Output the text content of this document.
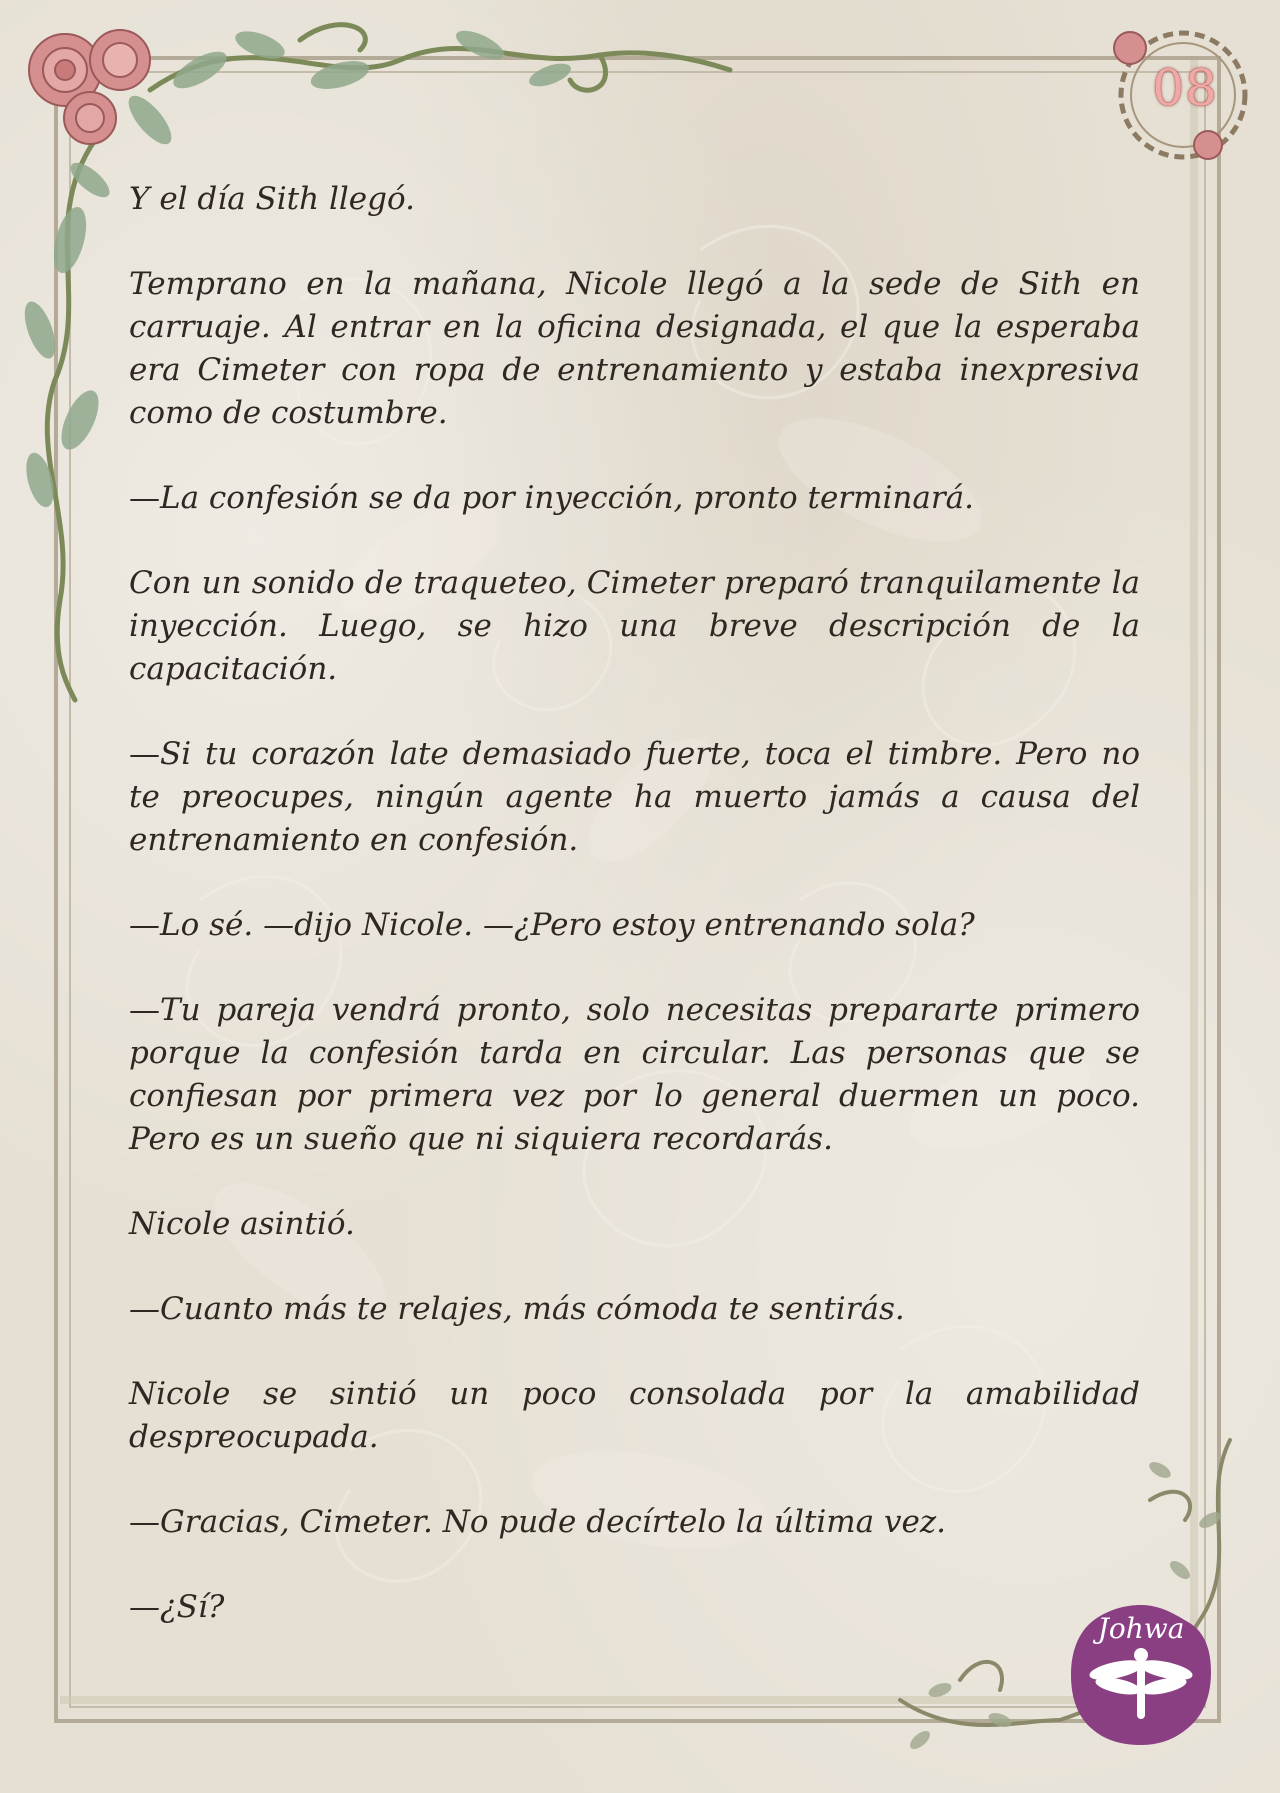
08
Johwa

Y el día Sith llegó.

Temprano en la mañana, Nicole llegó a la sede de Sith en carruaje. Al entrar en la oficina designada, el que la esperaba era Cimeter con ropa de entrenamiento y estaba inexpresiva como de costumbre.

—La confesión se da por inyección, pronto terminará.

Con un sonido de traqueteo, Cimeter preparó tranquilamente la inyección. Luego, se hizo una breve descripción de la capacitación.

—Si tu corazón late demasiado fuerte, toca el timbre. Pero no te preocupes, ningún agente ha muerto jamás a causa del entrenamiento en confesión.

—Lo sé. —dijo Nicole. —¿Pero estoy entrenando sola?

—Tu pareja vendrá pronto, solo necesitas prepararte primero porque la confesión tarda en circular. Las personas que se confiesan por primera vez por lo general duermen un poco. Pero es un sueño que ni siquiera recordarás.

Nicole asintió.

—Cuanto más te relajes, más cómoda te sentirás.

Nicole se sintió un poco consolada por la amabilidad despreocupada.

—Gracias, Cimeter. No pude decírtelo la última vez.

—¿Sí?
